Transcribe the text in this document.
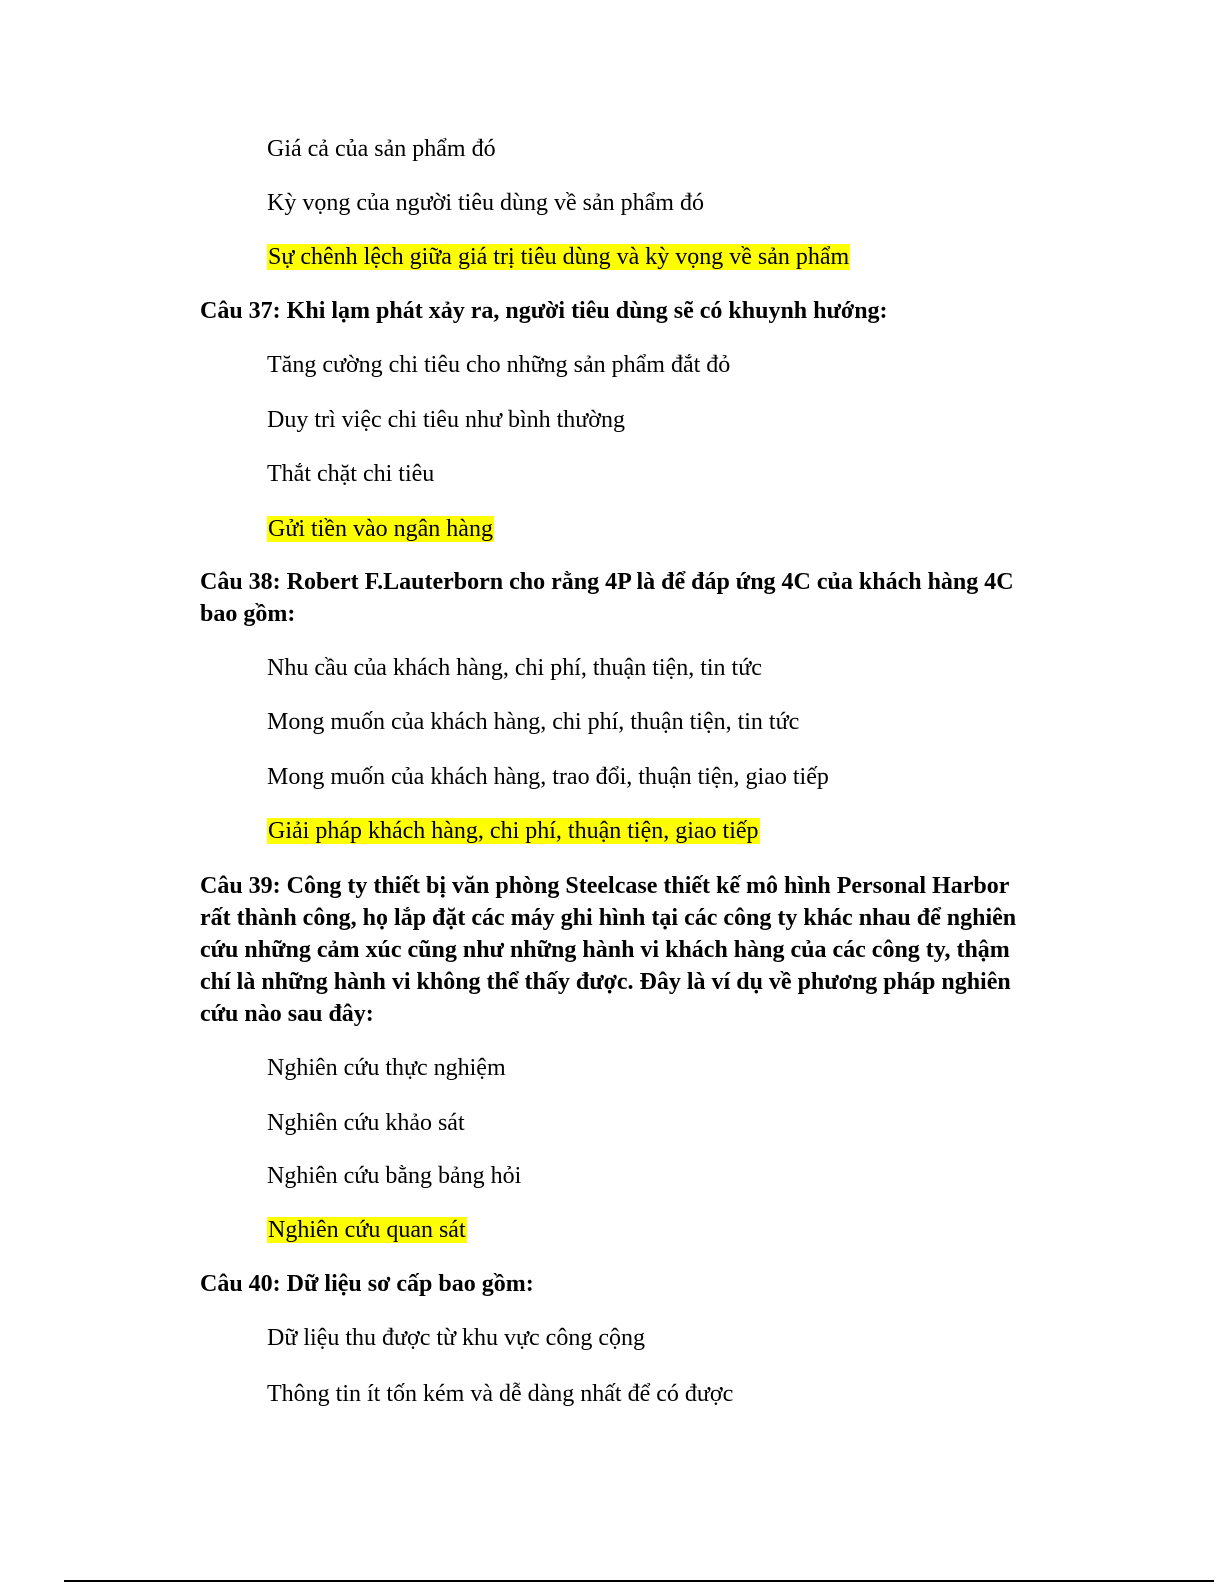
Giá cả của sản phẩm đó
Kỳ vọng của người tiêu dùng về sản phẩm đó
Sự chênh lệch giữa giá trị tiêu dùng và kỳ vọng về sản phẩm
Câu 37: Khi lạm phát xảy ra, người tiêu dùng sẽ có khuynh hướng:
Tăng cường chi tiêu cho những sản phẩm đắt đỏ
Duy trì việc chi tiêu như bình thường
Thắt chặt chi tiêu
Gửi tiền vào ngân hàng
Câu 38: Robert F.Lauterborn cho rằng 4P là để đáp ứng 4C của khách hàng 4C
bao gồm:
Nhu cầu của khách hàng, chi phí, thuận tiện, tin tức
Mong muốn của khách hàng, chi phí, thuận tiện, tin tức
Mong muốn của khách hàng, trao đổi, thuận tiện, giao tiếp
Giải pháp khách hàng, chi phí, thuận tiện, giao tiếp
Câu 39: Công ty thiết bị văn phòng Steelcase thiết kế mô hình Personal Harbor
rất thành công, họ lắp đặt các máy ghi hình tại các công ty khác nhau để nghiên
cứu những cảm xúc cũng như những hành vi khách hàng của các công ty, thậm
chí là những hành vi không thể thấy được. Đây là ví dụ về phương pháp nghiên
cứu nào sau đây:
Nghiên cứu thực nghiệm
Nghiên cứu khảo sát
Nghiên cứu bằng bảng hỏi
Nghiên cứu quan sát
Câu 40: Dữ liệu sơ cấp bao gồm:
Dữ liệu thu được từ khu vực công cộng
Thông tin ít tốn kém và dễ dàng nhất để có được
